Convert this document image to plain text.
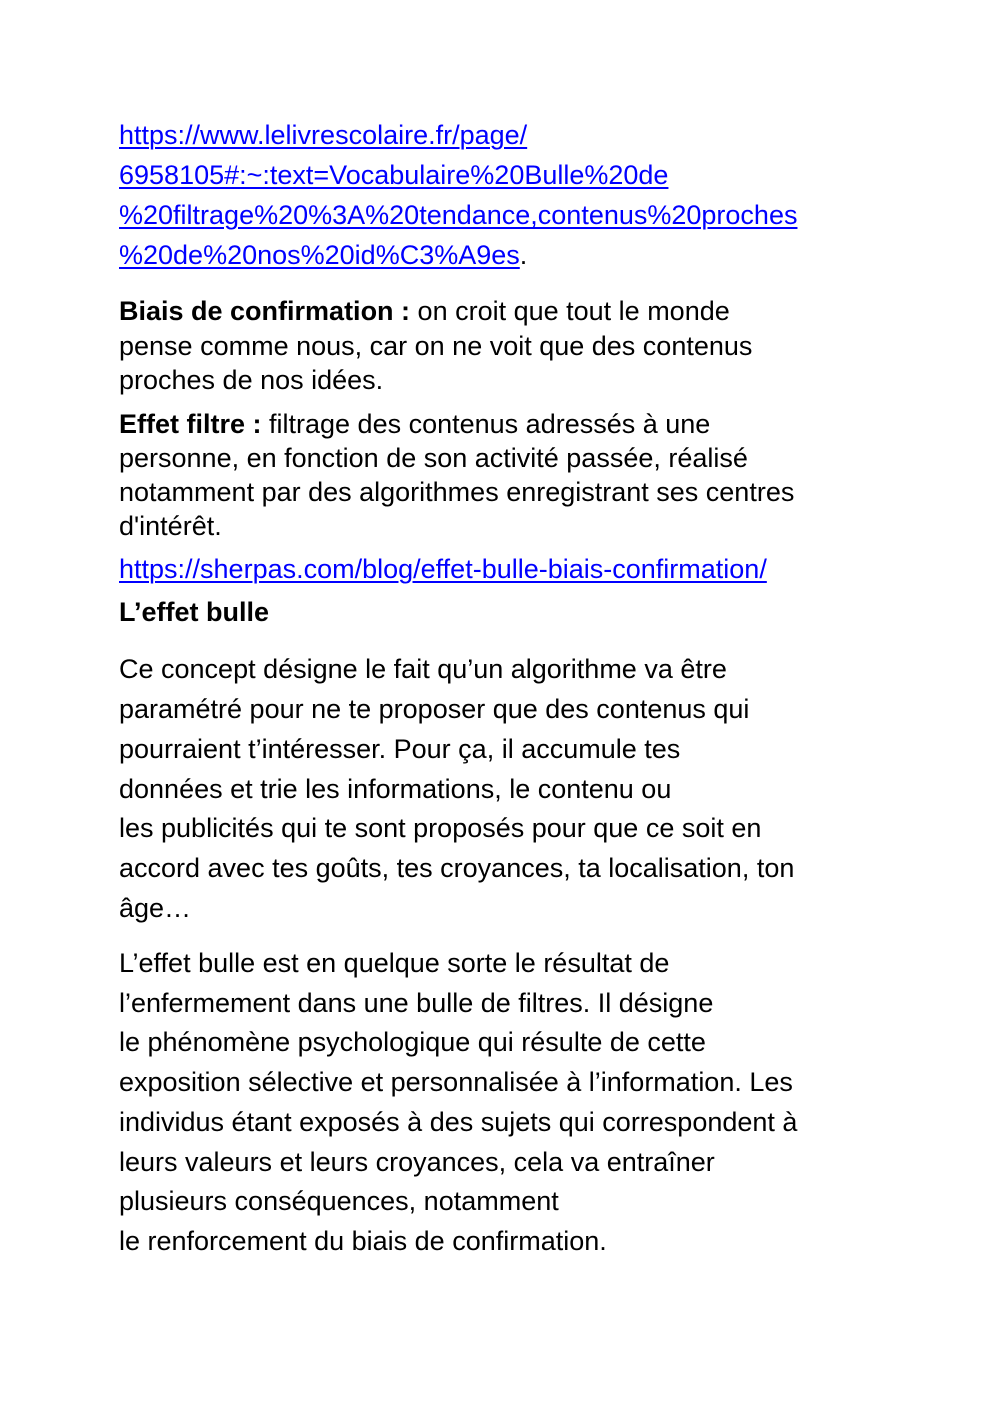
https://www.lelivrescolaire.fr/page/
6958105#:~:text=Vocabulaire%20Bulle%20de
%20filtrage%20%3A%20tendance,contenus%20proches
%20de%20nos%20id%C3%A9es.
Biais de confirmation : on croit que tout le monde
pense comme nous, car on ne voit que des contenus
proches de nos idées.
Effet filtre : filtrage des contenus adressés à une
personne, en fonction de son activité passée, réalisé
notamment par des algorithmes enregistrant ses centres
d'intérêt.
https://sherpas.com/blog/effet-bulle-biais-confirmation/
L’effet bulle
Ce concept désigne le fait qu’un algorithme va être
paramétré pour ne te proposer que des contenus qui
pourraient t’intéresser. Pour ça, il accumule tes
données et trie les informations, le contenu ou
les publicités qui te sont proposés pour que ce soit en
accord avec tes goûts, tes croyances, ta localisation, ton
âge…
L’effet bulle est en quelque sorte le résultat de
l’enfermement dans une bulle de filtres. Il désigne
le phénomène psychologique qui résulte de cette
exposition sélective et personnalisée à l’information. Les
individus étant exposés à des sujets qui correspondent à
leurs valeurs et leurs croyances, cela va entraîner
plusieurs conséquences, notamment
le renforcement du biais de confirmation.
